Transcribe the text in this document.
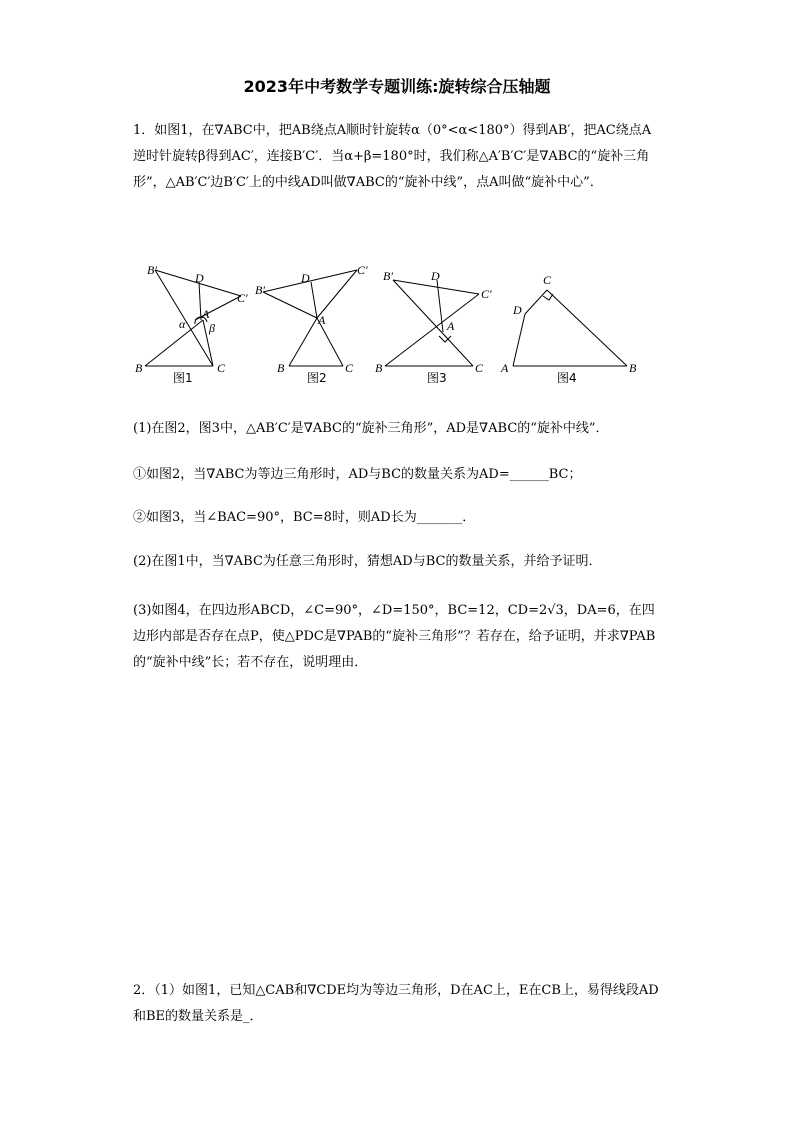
2023年中考数学专题训练:旋转综合压轴题
1．如图1，在∇ABC中，把AB绕点A顺时针旋转α（0°<α<180°）得到AB′，把AC绕点A逆时针旋转β得到AC′，连接B′C′．当α+β=180°时，我们称△A′B′C′是∇ABC的“旋补三角形”，△AB′C′边B′C′上的中线AD叫做∇ABC的“旋补中线”，点A叫做“旋补中心”．
B′
D
C′
A
α β
B	C
图1
B′
D
C′
A
B	C
图2
B′	D
C′
A
B	C
图3
C
D
A	B
图4
(1)在图2，图3中，△AB′C′是∇ABC的“旋补三角形”，AD是∇ABC的“旋补中线”．
①如图2，当∇ABC为等边三角形时，AD与BC的数量关系为AD=______BC；
②如图3，当∠BAC=90°，BC=8时，则AD长为_______．
(2)在图1中，当∇ABC为任意三角形时，猜想AD与BC的数量关系，并给予证明．
(3)如图4，在四边形ABCD，∠C=90°，∠D=150°，BC=12，CD=2√3，DA=6，在四边形内部是否存在点P，使△PDC是∇PAB的“旋补三角形”？若存在，给予证明，并求∇PAB的“旋补中线”长；若不存在，说明理由．
2．（1）如图1，已知△CAB和∇CDE均为等边三角形，D在AC上，E在CB上，易得线段AD和BE的数量关系是_．
